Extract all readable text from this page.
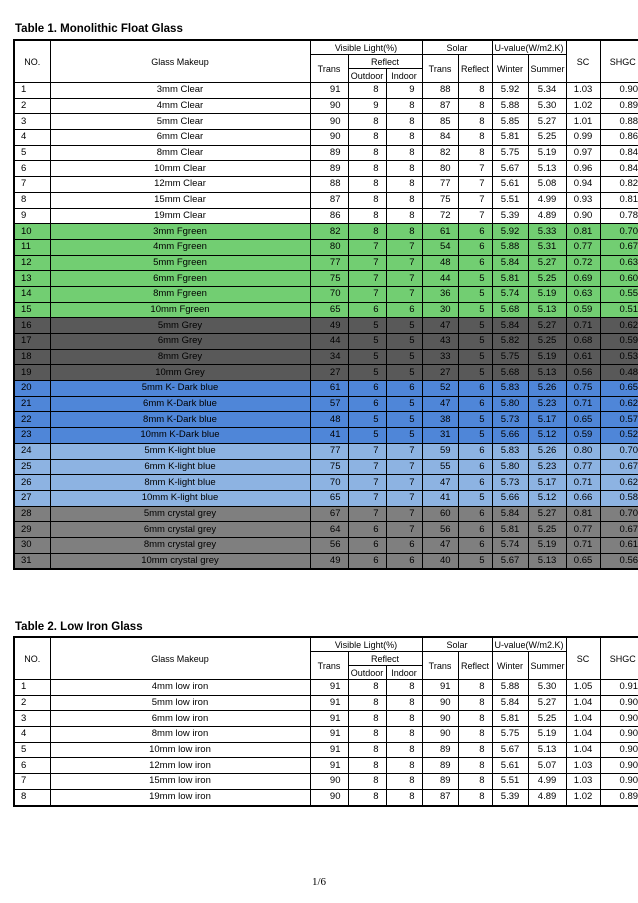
Table 1. Monolithic Float Glass
NO.	Glass Makeup	Visible Light(%)			Solar		U-value(W/m2.K)		SC	SHGC
		Trans	Reflect		Trans	Reflect	Winter	Summer		
			Outdoor	Indoor						
1	3mm Clear	91	8	9	88	8	5.92	5.34	1.03	0.90
2	4mm Clear	90	9	8	87	8	5.88	5.30	1.02	0.89
3	5mm Clear	90	8	8	85	8	5.85	5.27	1.01	0.88
4	6mm Clear	90	8	8	84	8	5.81	5.25	0.99	0.86
5	8mm Clear	89	8	8	82	8	5.75	5.19	0.97	0.84
6	10mm Clear	89	8	8	80	7	5.67	5.13	0.96	0.84
7	12mm Clear	88	8	8	77	7	5.61	5.08	0.94	0.82
8	15mm Clear	87	8	8	75	7	5.51	4.99	0.93	0.81
9	19mm Clear	86	8	8	72	7	5.39	4.89	0.90	0.78
10	3mm Fgreen	82	8	8	61	6	5.92	5.33	0.81	0.70
11	4mm Fgreen	80	7	7	54	6	5.88	5.31	0.77	0.67
12	5mm Fgreen	77	7	7	48	6	5.84	5.27	0.72	0.63
13	6mm Fgreen	75	7	7	44	5	5.81	5.25	0.69	0.60
14	8mm Fgreen	70	7	7	36	5	5.74	5.19	0.63	0.55
15	10mm Fgreen	65	6	6	30	5	5.68	5.13	0.59	0.51
16	5mm Grey	49	5	5	47	5	5.84	5.27	0.71	0.62
17	6mm Grey	44	5	5	43	5	5.82	5.25	0.68	0.59
18	8mm Grey	34	5	5	33	5	5.75	5.19	0.61	0.53
19	10mm Grey	27	5	5	27	5	5.68	5.13	0.56	0.48
20	5mm K- Dark blue	61	6	6	52	6	5.83	5.26	0.75	0.65
21	6mm K-Dark blue	57	6	5	47	6	5.80	5.23	0.71	0.62
22	8mm K-Dark blue	48	5	5	38	5	5.73	5.17	0.65	0.57
23	10mm K-Dark blue	41	5	5	31	5	5.66	5.12	0.59	0.52
24	5mm K-light blue	77	7	7	59	6	5.83	5.26	0.80	0.70
25	6mm K-light blue	75	7	7	55	6	5.80	5.23	0.77	0.67
26	8mm K-light blue	70	7	7	47	6	5.73	5.17	0.71	0.62
27	10mm K-light blue	65	7	7	41	5	5.66	5.12	0.66	0.58
28	5mm crystal grey	67	7	7	60	6	5.84	5.27	0.81	0.70
29	6mm crystal grey	64	6	7	56	6	5.81	5.25	0.77	0.67
30	8mm crystal grey	56	6	6	47	6	5.74	5.19	0.71	0.61
31	10mm crystal grey	49	6	6	40	5	5.67	5.13	0.65	0.56
Table 2. Low Iron Glass
NO.	Glass Makeup	Visible Light(%)			Solar		U-value(W/m2.K)		SC	SHGC
		Trans	Reflect		Trans	Reflect	Winter	Summer		
			Outdoor	Indoor						
1	4mm low iron	91	8	8	91	8	5.88	5.30	1.05	0.91
2	5mm low iron	91	8	8	90	8	5.84	5.27	1.04	0.90
3	6mm low iron	91	8	8	90	8	5.81	5.25	1.04	0.90
4	8mm low iron	91	8	8	90	8	5.75	5.19	1.04	0.90
5	10mm low iron	91	8	8	89	8	5.67	5.13	1.04	0.90
6	12mm low iron	91	8	8	89	8	5.61	5.07	1.03	0.90
7	15mm low iron	90	8	8	89	8	5.51	4.99	1.03	0.90
8	19mm low iron	90	8	8	87	8	5.39	4.89	1.02	0.89
1/6
